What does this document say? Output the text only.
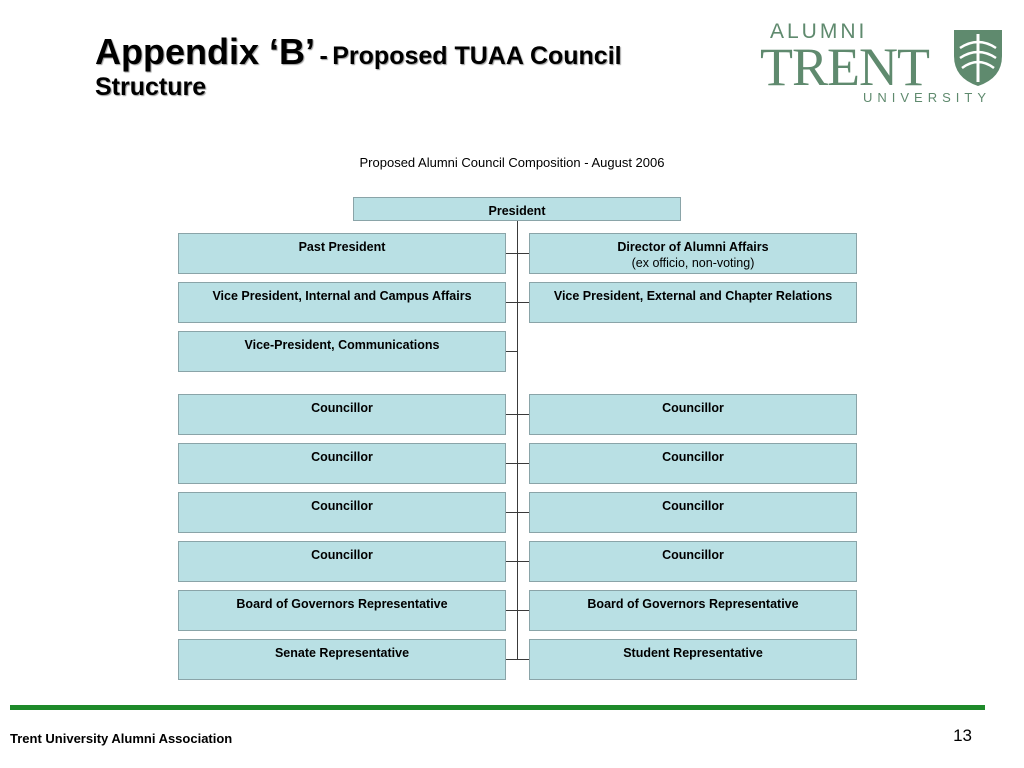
Appendix ‘B’ - Proposed TUAA Council
Structure
ALUMNI
TRENT
UNIVERSITY
Proposed Alumni Council Composition - August 2006
President
Past President	Director of Alumni Affairs
(ex officio, non-voting)
Vice President, Internal and Campus Affairs	Vice President, External and Chapter Relations
Vice-President, Communications
Councillor	Councillor
Councillor	Councillor
Councillor	Councillor
Councillor	Councillor
Board of Governors Representative	Board of Governors Representative
Senate Representative	Student Representative
Trent University Alumni Association	13
